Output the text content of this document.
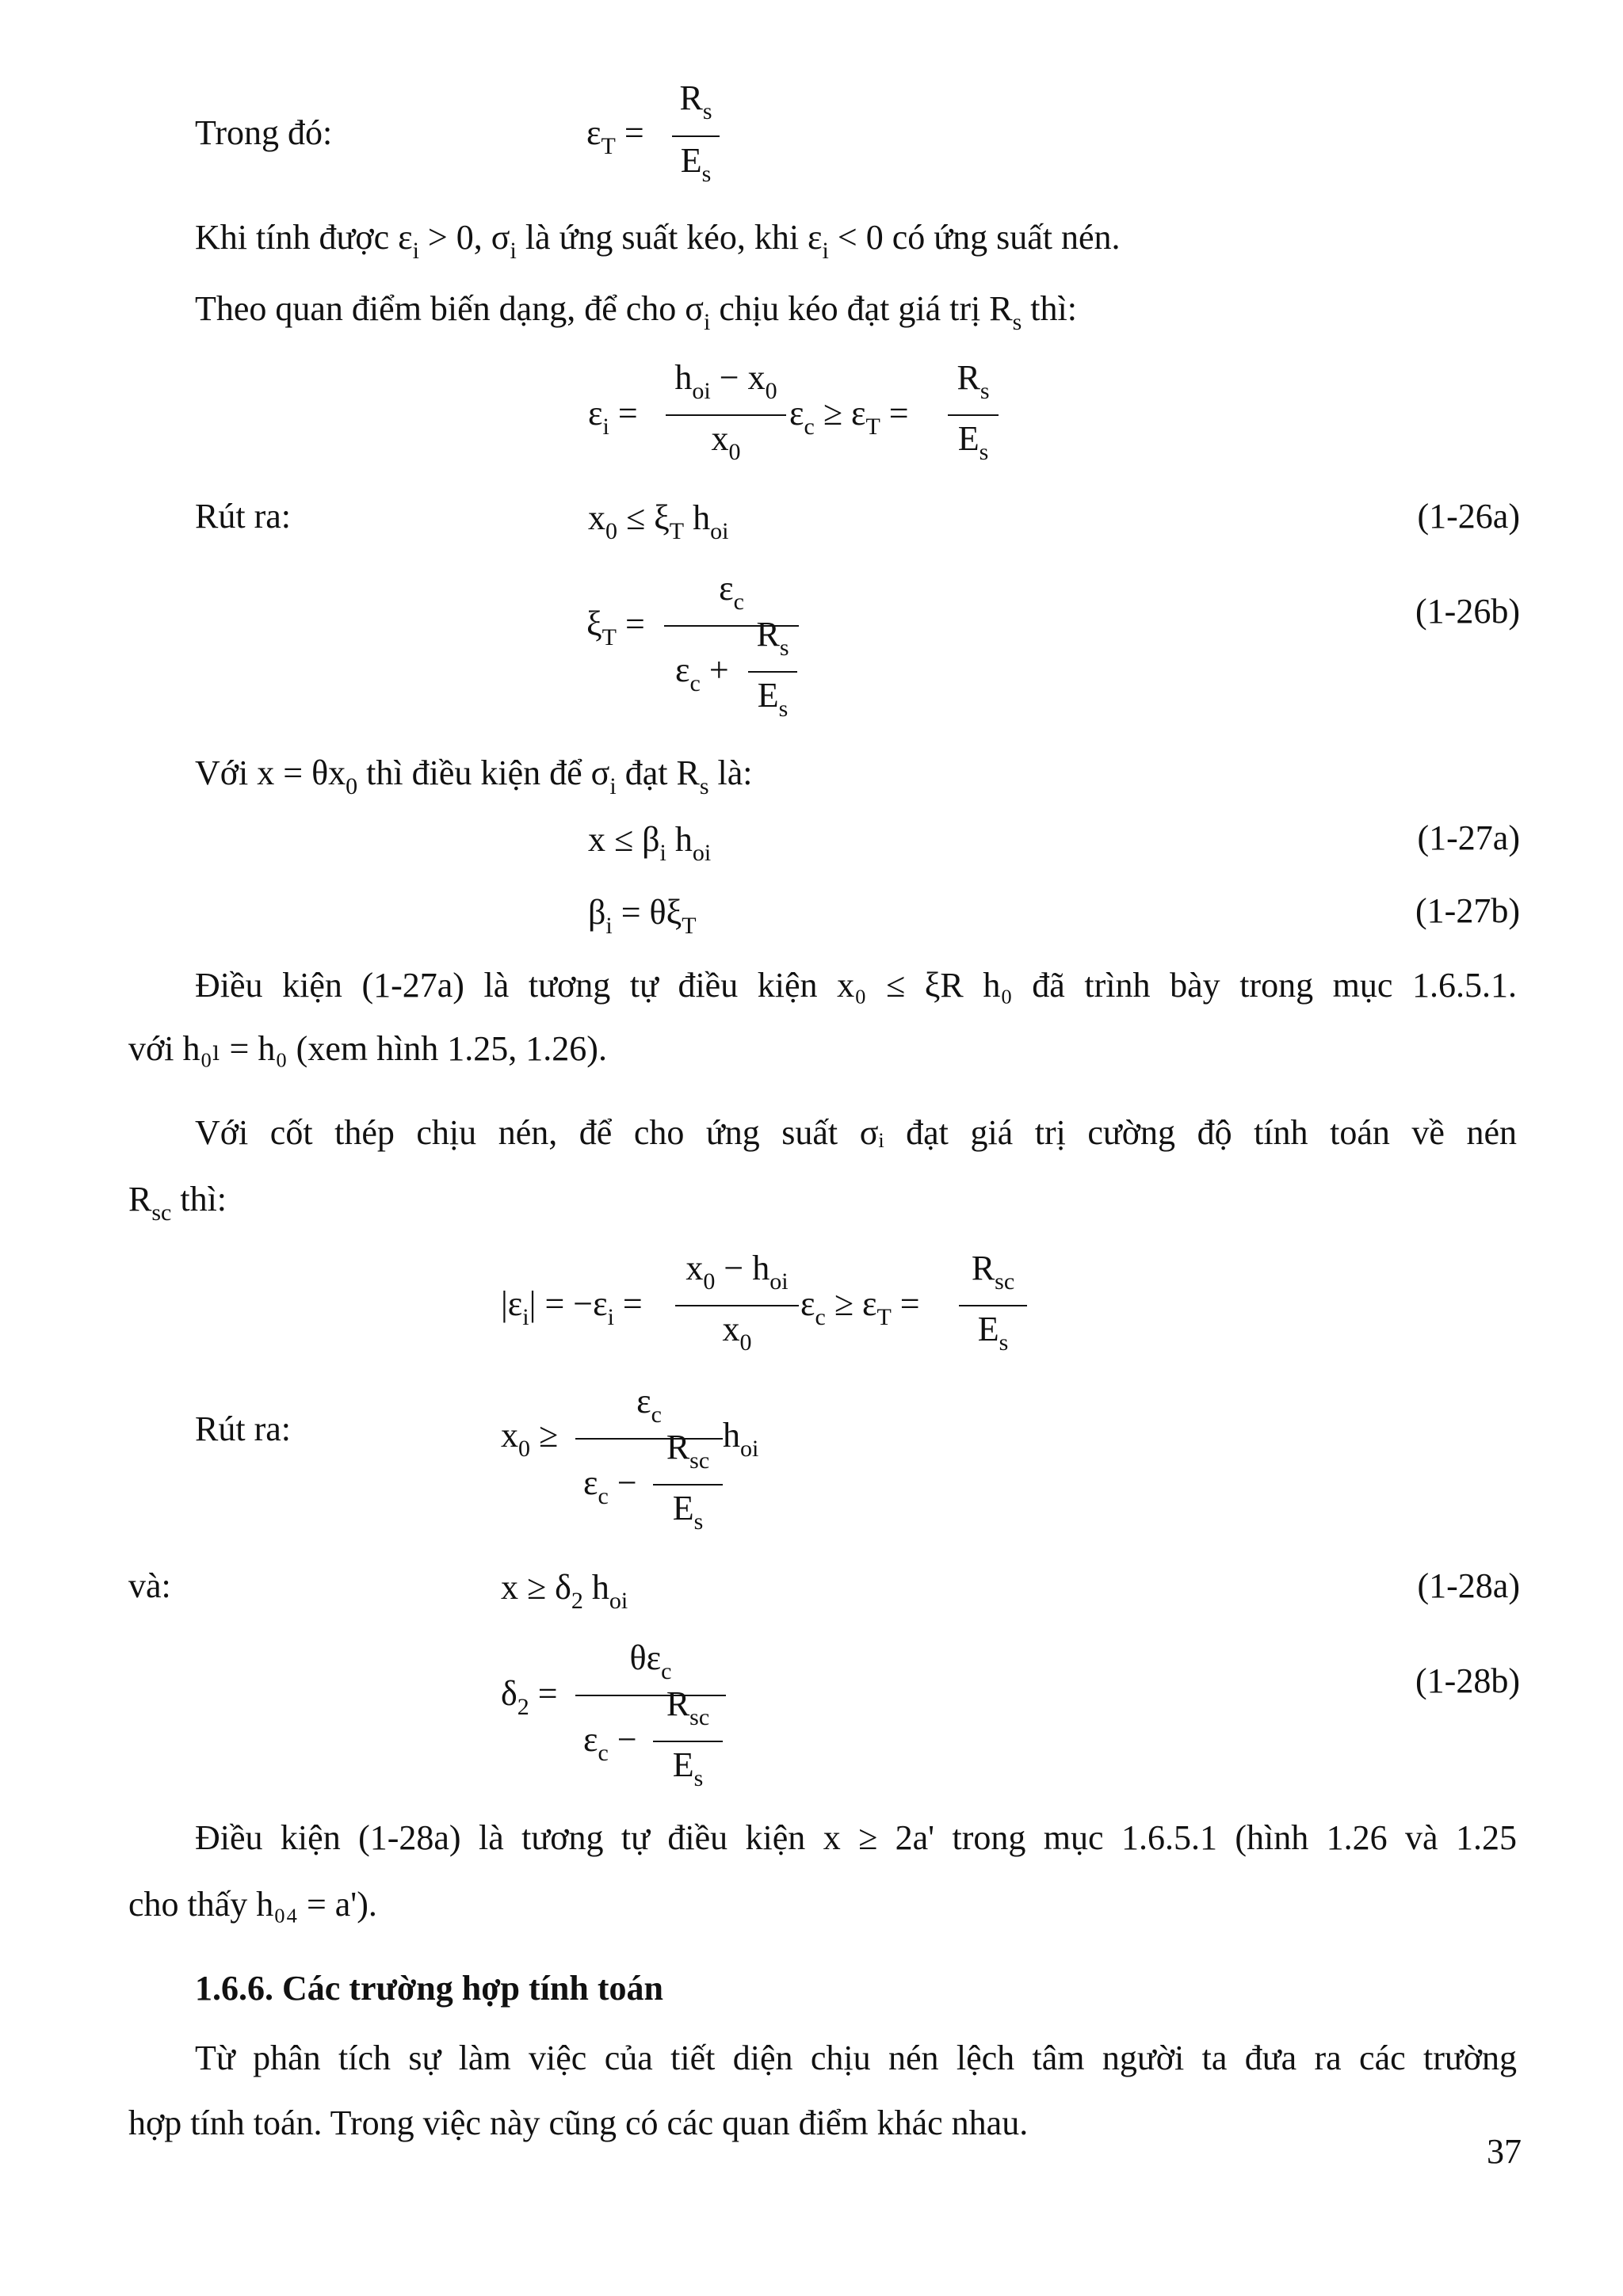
Trong đó:	$\varepsilon_T$ =
$R_s$
$E_s$
Khi tính được $\varepsilon_i > 0$, $\sigma_i$ là ứng suất kéo, khi $\varepsilon_i < 0$ có ứng suất nén.
Theo quan điểm biến dạng, để cho $\sigma_i$ chịu kéo đạt giá trị $R_s$ thì:
$\varepsilon_i$ =
$h_{oi} - x_0$
$x_0$
$\varepsilon_c \ge \varepsilon_T$ =
$R_s$
$E_s$
Rút ra:	$x_0 \le \xi_T$ $h_{oi}$	(1-26a)
$\xi_T$ =
$\varepsilon_c$
$\varepsilon_c$ +
$R_s$
$E_s$
(1-26b)
Với $x = \theta x_0$ thì điều kiện để $\sigma_i$ đạt $R_s$ là:
$x \le \beta_i$ $h_{oi}$	(1-27a)
$\beta_i = \theta\xi_T$	(1-27b)
Điều kiện (1-27a) là tương tự điều kiện x₀ ≤ ξR h₀ đã trình bày trong mục 1.6.5.1.
với h₀ₗ = h₀ (xem hình 1.25, 1.26).
Với cốt thép chịu nén, để cho ứng suất σᵢ đạt giá trị cường độ tính toán về nén
$R_{sc}$ thì:
$|\varepsilon_i| = -\varepsilon_i$ =
$x_0 - h_{oi}$
$x_0$
$\varepsilon_c \ge \varepsilon_T$ =
$R_{sc}$
$E_s$
Rút ra:	$x_0$ ≥
$\varepsilon_c$
$h_{oi}$
$\varepsilon_c$ −
$R_{sc}$
$E_s$
và:	$x \ge \delta_2$ $h_{oi}$	(1-28a)
$\delta_2$ =
$\theta\varepsilon_c$
$\varepsilon_c$ −
$R_{sc}$
$E_s$
(1-28b)
Điều kiện (1-28a) là tương tự điều kiện x ≥ 2a' trong mục 1.6.5.1 (hình 1.26 và 1.25
cho thấy h₀₄ = a').
1.6.6. Các trường hợp tính toán
Từ phân tích sự làm việc của tiết diện chịu nén lệch tâm người ta đưa ra các trường
hợp tính toán. Trong việc này cũng có các quan điểm khác nhau.
37
